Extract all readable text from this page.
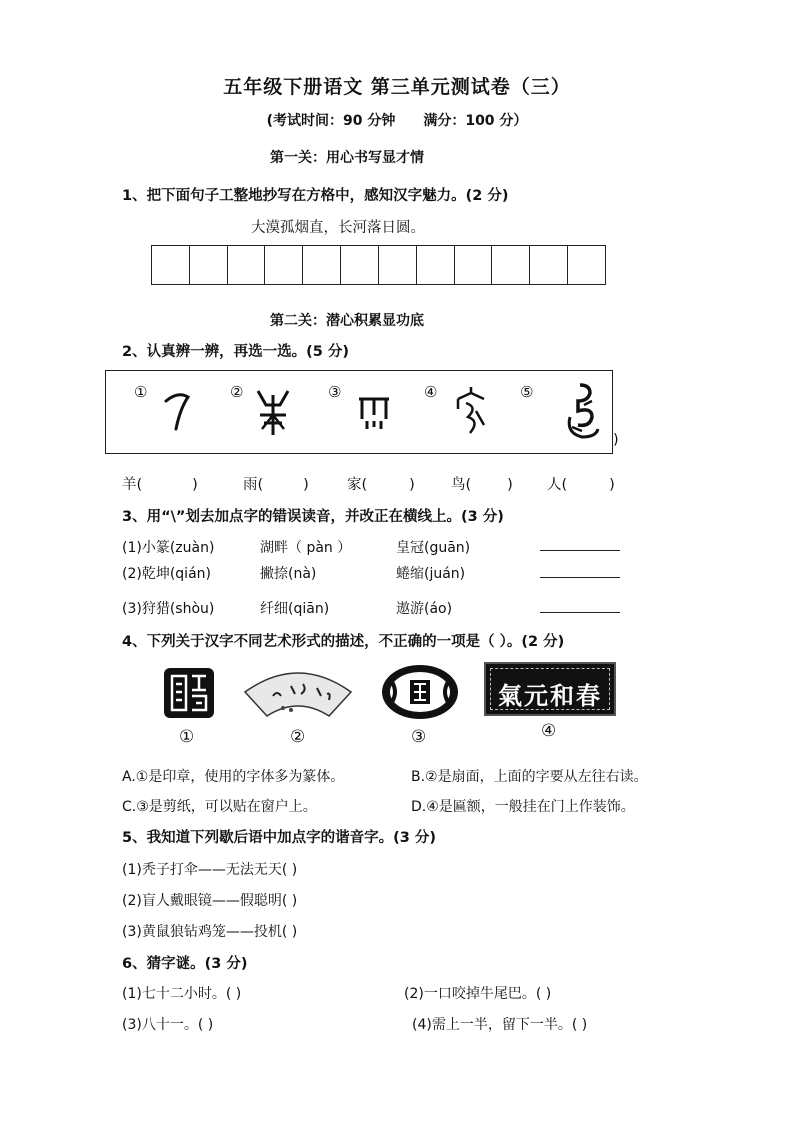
五年级下册语文 第三单元测试卷（三）
(考试时间：90 分钟 满分：100 分）
第一关：用心书写显才情
1、把下面句子工整地抄写在方格中，感知汉字魅力。(2 分)
大漠孤烟直，长河落日圆。
第二关：潜心积累显功底
2、认真辨一辨，再选一选。(5 分)
①	②	③	④	⑤
)
羊(	)	雨(	)	家(	) 鸟( ) 人(	)
3、用“\”划去加点字的错误读音，并改正在横线上。(3 分)
(1)小篆(zuàn)	湖畔（ pàn ）	皇冠(guān)
(2)乾坤(qián)	撇捺(nà)	蜷缩(juán)
(3)狩猎(shòu)	纤细(qiān)	遨游(áo)
4、下列关于汉字不同艺术形式的描述，不正确的一项是（ ）。(2 分)
①	②	③
氣元和春
④
A.①是印章，使用的字体多为篆体。	B.②是扇面，上面的字要从左往右读。
C.③是剪纸，可以贴在窗户上。	D.④是匾额，一般挂在门上作装饰。
5、我知道下列歇后语中加点字的谐音字。(3 分)
(1)秃子打伞——无法无天( )
(2)盲人戴眼镜——假聪明( )
(3)黄鼠狼钻鸡笼——投机( )
6、猜字谜。(3 分)
(1)七十二小时。( )	(2)一口咬掉牛尾巴。( )
(3)八十一。( )	(4)需上一半，留下一半。( )
